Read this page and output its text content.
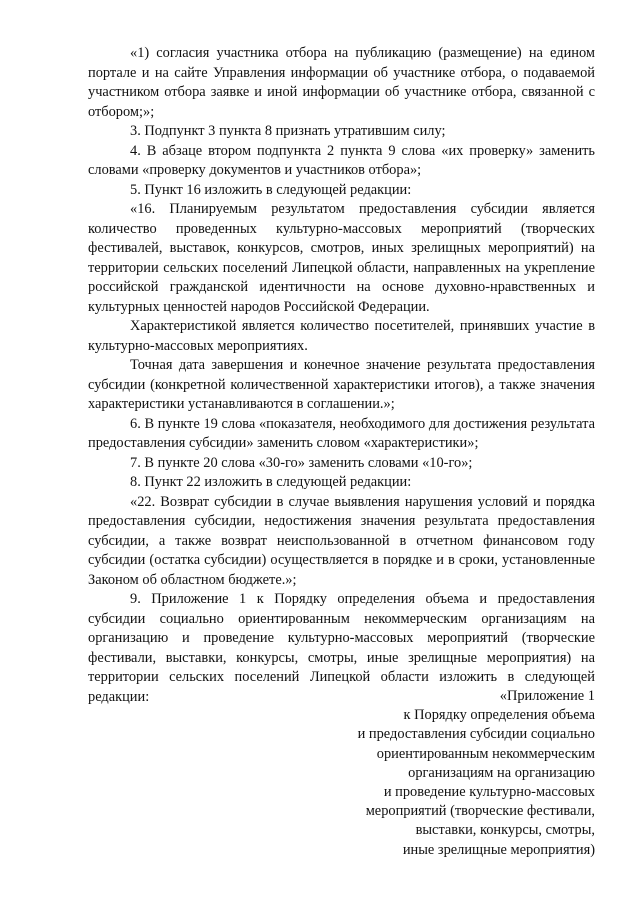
«1) согласия участника отбора на публикацию (размещение) на едином портале и на сайте Управления информации об участнике отбора, о подаваемой участником отбора заявке и иной информации об участнике отбора, связанной с отбором;»;

3. Подпункт 3 пункта 8 признать утратившим силу;

4. В абзаце втором подпункта 2 пункта 9 слова «их проверку» заменить словами «проверку документов и участников отбора»;

5. Пункт 16 изложить в следующей редакции:

«16. Планируемым результатом предоставления субсидии является количество проведенных культурно-массовых мероприятий (творческих фестивалей, выставок, конкурсов, смотров, иных зрелищных мероприятий) на территории сельских поселений Липецкой области, направленных на укрепление российской гражданской идентичности на основе духовно-нравственных и культурных ценностей народов Российской Федерации.

Характеристикой является количество посетителей, принявших участие в культурно-массовых мероприятиях.

Точная дата завершения и конечное значение результата предоставления субсидии (конкретной количественной характеристики итогов), а также значения характеристики устанавливаются в соглашении.»;

6. В пункте 19 слова «показателя, необходимого для достижения результата предоставления субсидии» заменить словом «характеристики»;

7. В пункте 20 слова «30-го» заменить словами «10-го»;

8. Пункт 22 изложить в следующей редакции:

«22. Возврат субсидии в случае выявления нарушения условий и порядка предоставления субсидии, недостижения значения результата предоставления субсидии, а также возврат неиспользованной в отчетном финансовом году субсидии (остатка субсидии) осуществляется в порядке и в сроки, установленные Законом об областном бюджете.»;

9. Приложение 1 к Порядку определения объема и предоставления субсидии социально ориентированным некоммерческим организациям на организацию и проведение культурно-массовых мероприятий (творческие фестивали, выставки, конкурсы, смотры, иные зрелищные мероприятия) на территории сельских поселений Липецкой области изложить в следующей редакции:	«Приложение 1
к Порядку определения объема
и предоставления субсидии социально
ориентированным некоммерческим
организациям на организацию
и проведение культурно-массовых
мероприятий (творческие фестивали,
выставки, конкурсы, смотры,
иные зрелищные мероприятия)
